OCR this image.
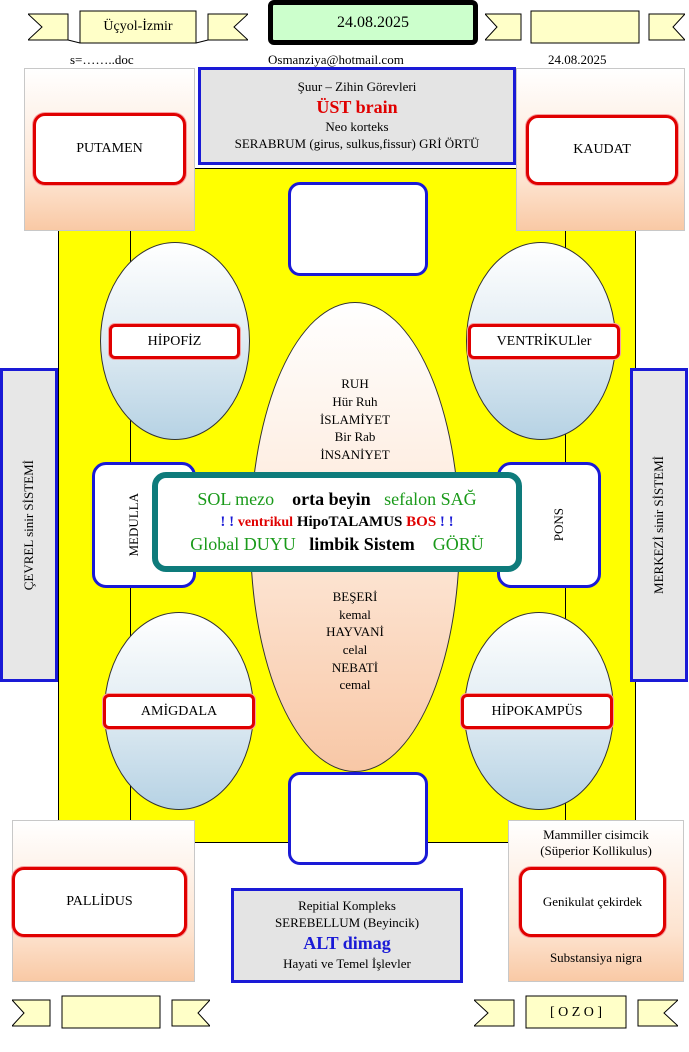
Üçyol-İzmir	24.08.2025
s=……..doc	Osmanziya@hotmail.com	24.08.2025
PUTAMEN	KAUDAT
PALLİDUS
Mammiller cisimcik
(Süperior Kollikulus)
Genikulat çekirdek
Substansiya nigra
Şuur – Zihin Görevleri
ÜST brain
Neo korteks
SERABRUM (girus, sulkus,fissur) GRİ ÖRTÜ
HİPOFİZ	VENTRİKULler
AMİGDALA	HİPOKAMPÜS
RUH
Hür Ruh
İSLAMİYET
Bir Rab
İNSANİYET
BEŞERİ
kemal
HAYVANİ
celal
NEBATİ
cemal
MEDULLA	PONS
ÇEVREL sinir SİSTEMİ	MERKEZİ sinir SİSTEMİ
SOL mezo orta beyin sefalon SAĞ
! ! ventrikul HipoTALAMUS BOS ! !
Global DUYU limbik Sistem GÖRÜ
Repitial Kompleks
SEREBELLUM (Beyincik)
ALT dimag
Hayati ve Temel İşlevler
[ O Z O ]
